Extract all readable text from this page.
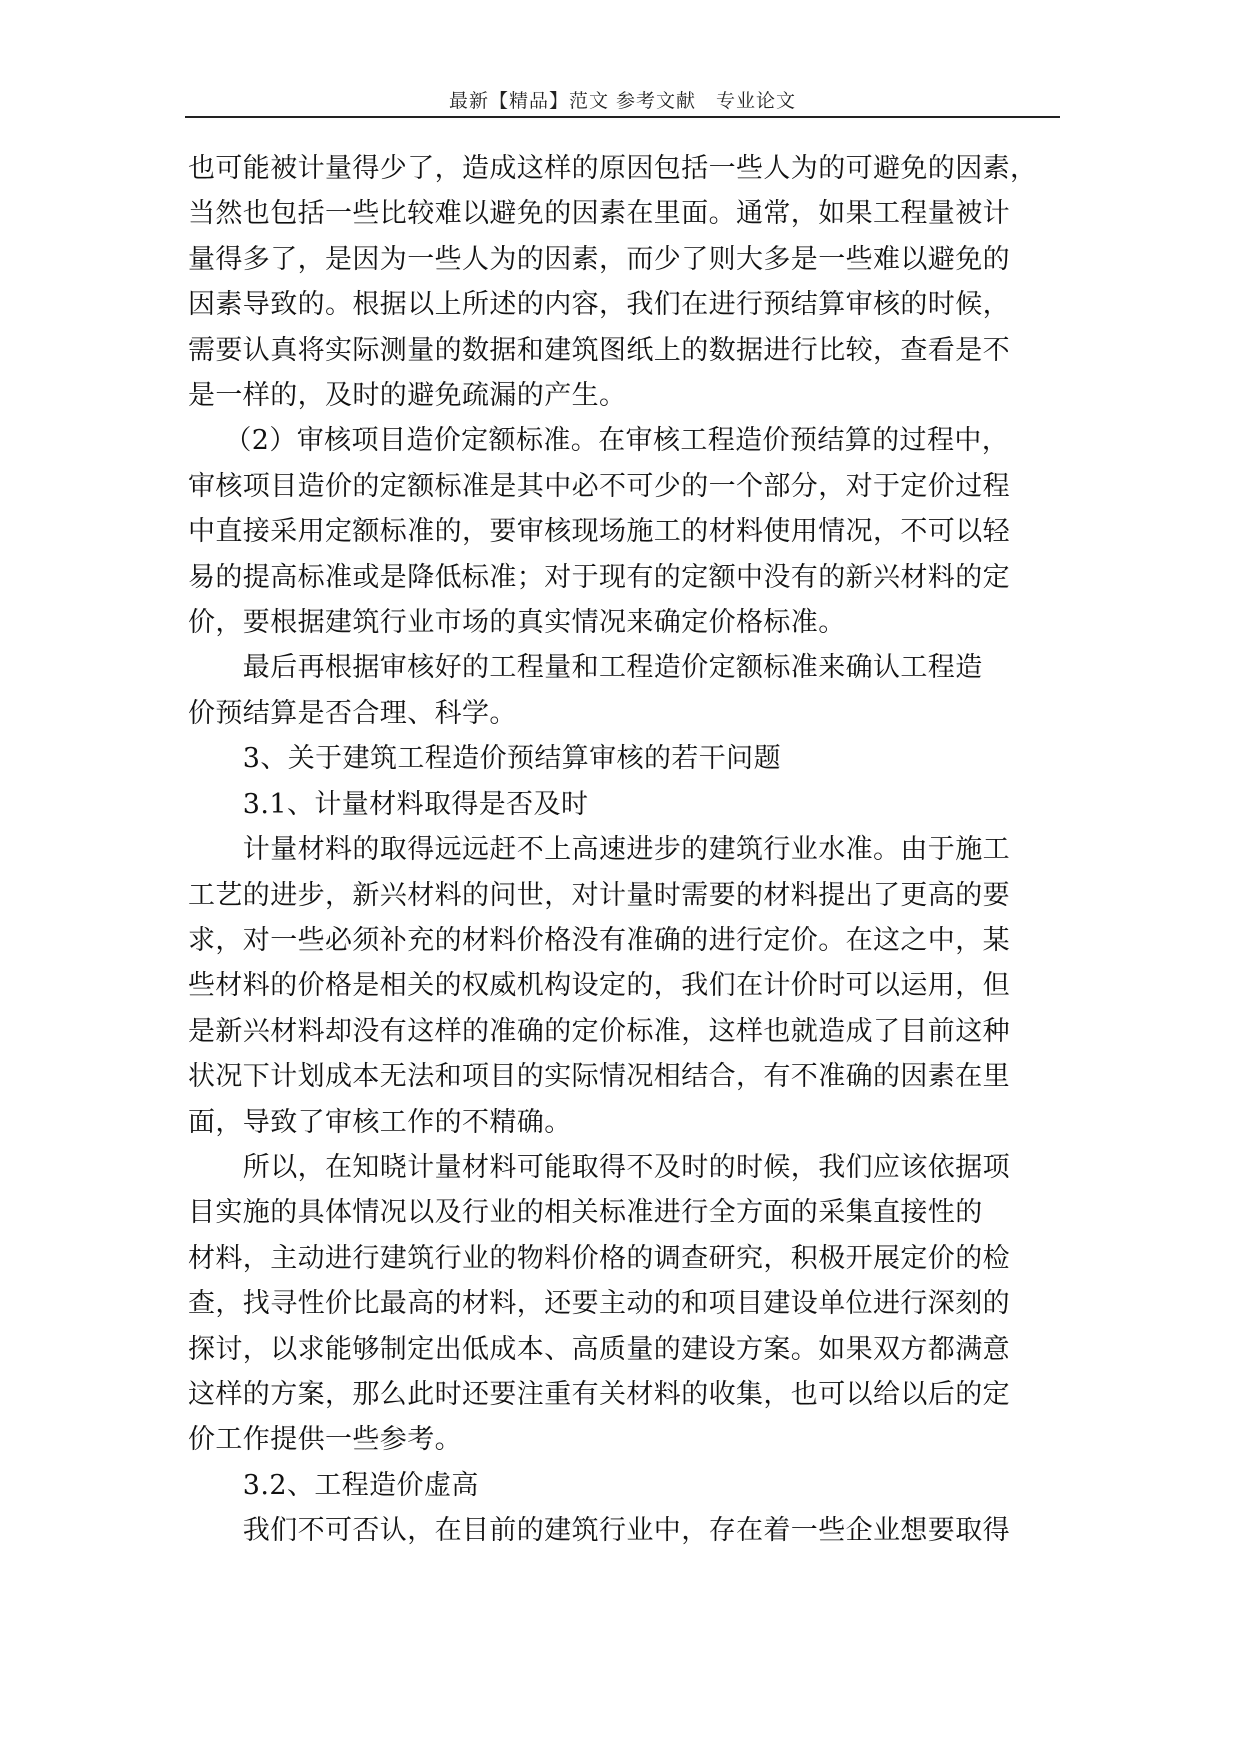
最新【精品】范文 参考文献　专业论文

也可能被计量得少了，造成这样的原因包括一些人为的可避免的因素，
当然也包括一些比较难以避免的因素在里面。通常，如果工程量被计
量得多了，是因为一些人为的因素，而少了则大多是一些难以避免的
因素导致的。根据以上所述的内容，我们在进行预结算审核的时候，
需要认真将实际测量的数据和建筑图纸上的数据进行比较，查看是不
是一样的，及时的避免疏漏的产生。

　 （2）审核项目造价定额标准。在审核工程造价预结算的过程中，
审核项目造价的定额标准是其中必不可少的一个部分，对于定价过程
中直接采用定额标准的，要审核现场施工的材料使用情况，不可以轻
易的提高标准或是降低标准；对于现有的定额中没有的新兴材料的定
价，要根据建筑行业市场的真实情况来确定价格标准。

　　最后再根据审核好的工程量和工程造价定额标准来确认工程造
价预结算是否合理、科学。

　　3、关于建筑工程造价预结算审核的若干问题

　　3.1、计量材料取得是否及时

　　计量材料的取得远远赶不上高速进步的建筑行业水准。由于施工
工艺的进步，新兴材料的问世，对计量时需要的材料提出了更高的要
求，对一些必须补充的材料价格没有准确的进行定价。在这之中，某
些材料的价格是相关的权威机构设定的，我们在计价时可以运用，但
是新兴材料却没有这样的准确的定价标准，这样也就造成了目前这种
状况下计划成本无法和项目的实际情况相结合，有不准确的因素在里
面，导致了审核工作的不精确。

　　所以，在知晓计量材料可能取得不及时的时候，我们应该依据项
目实施的具体情况以及行业的相关标准进行全方面的采集直接性的
材料，主动进行建筑行业的物料价格的调查研究，积极开展定价的检
查，找寻性价比最高的材料，还要主动的和项目建设单位进行深刻的
探讨，以求能够制定出低成本、高质量的建设方案。如果双方都满意
这样的方案，那么此时还要注重有关材料的收集，也可以给以后的定
价工作提供一些参考。

　　3.2、工程造价虚高

　　我们不可否认，在目前的建筑行业中，存在着一些企业想要取得
